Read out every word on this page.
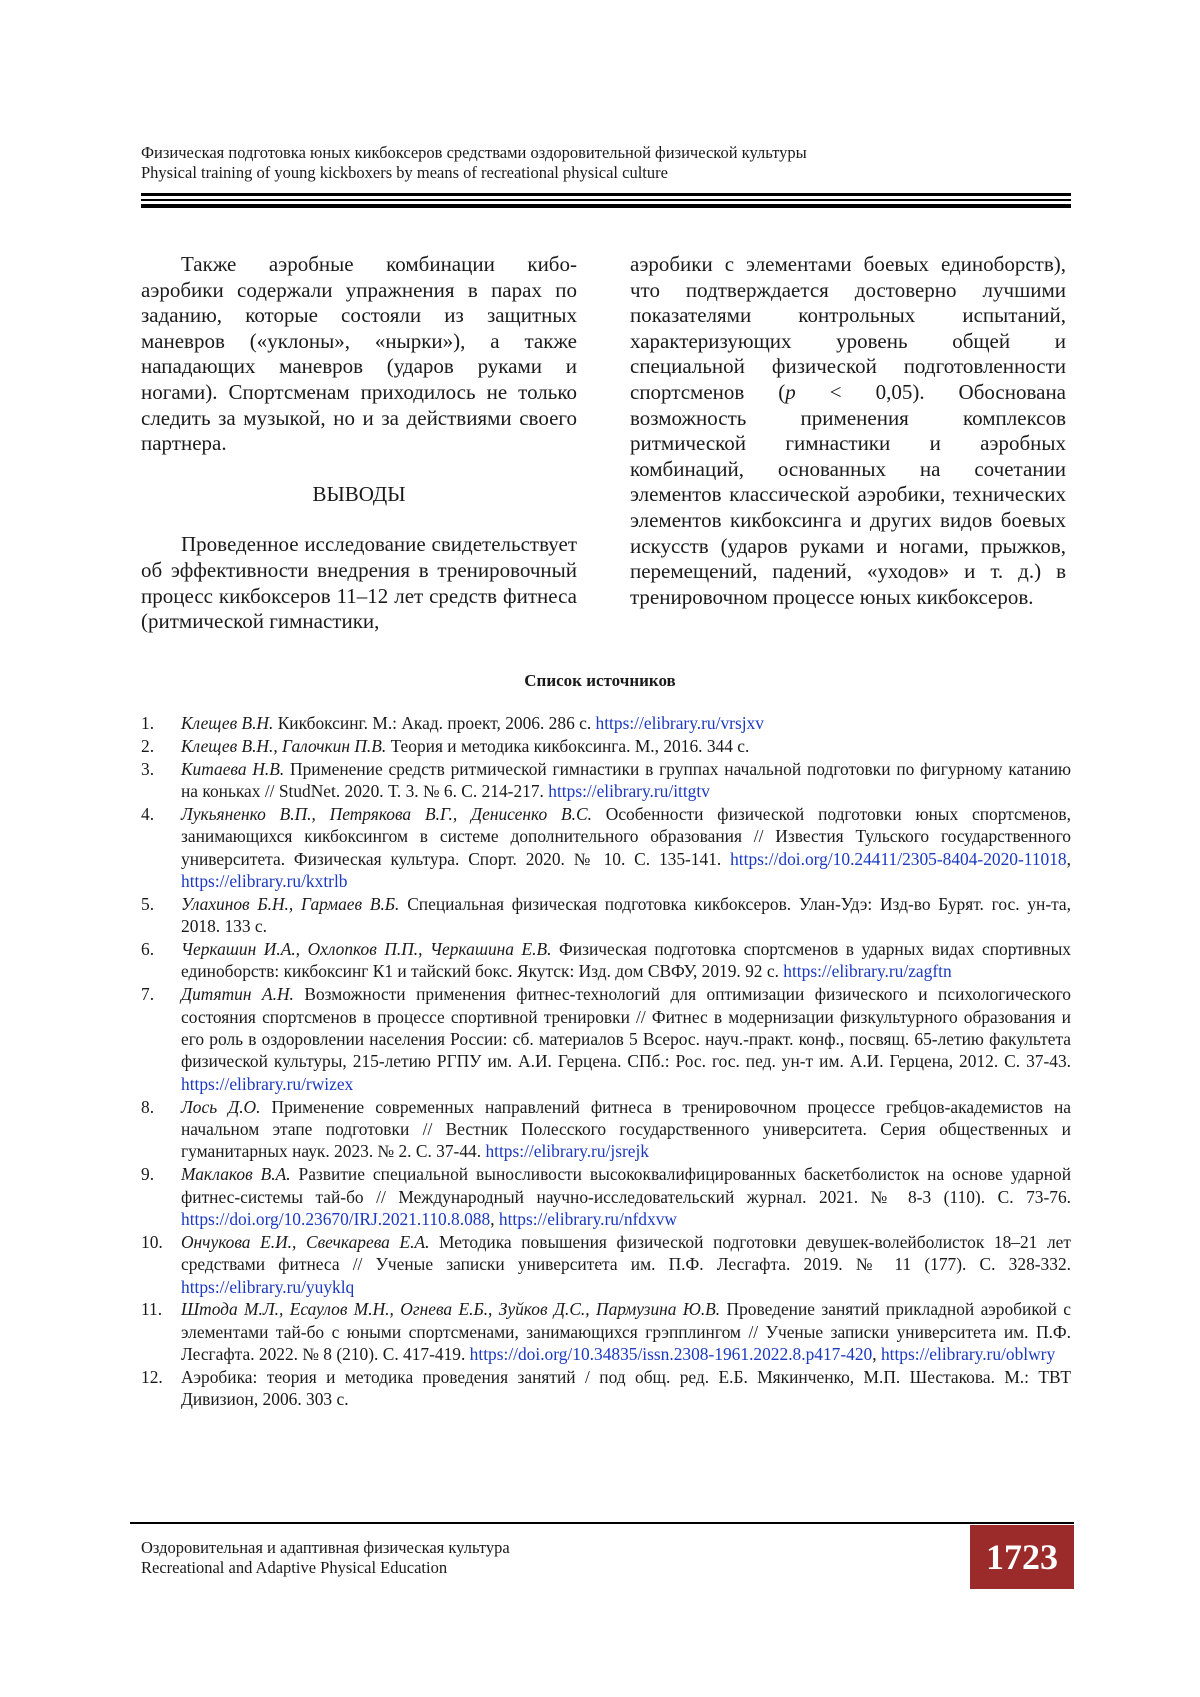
Физическая подготовка юных кикбоксеров средствами оздоровительной физической культуры
Physical training of young kickboxers by means of recreational physical culture

Также аэробные комбинации кибо-аэробики содержали упражнения в парах по заданию, которые состояли из защитных маневров («уклоны», «нырки»), а также нападающих маневров (ударов руками и ногами). Спортсменам приходилось не только следить за музыкой, но и за действиями своего партнера.

ВЫВОДЫ

Проведенное исследование свидетельствует об эффективности внедрения в тренировочный процесс кикбоксеров 11–12 лет средств фитнеса (ритмической гимнастики,

аэробики с элементами боевых единоборств), что подтверждается достоверно лучшими показателями контрольных испытаний, характеризующих уровень общей и специальной физической подготовленности спортсменов (p < 0,05). Обоснована возможность применения комплексов ритмической гимнастики и аэробных комбинаций, основанных на сочетании элементов классической аэробики, технических элементов кикбоксинга и других видов боевых искусств (ударов руками и ногами, прыжков, перемещений, падений, «уходов» и т. д.) в тренировочном процессе юных кикбоксеров.

Список источников
1. Клещев В.Н. Кикбоксинг. М.: Акад. проект, 2006. 286 с. https://elibrary.ru/vrsjxv
2. Клещев В.Н., Галочкин П.В. Теория и методика кикбоксинга. М., 2016. 344 с.
3. Китаева Н.В. Применение средств ритмической гимнастики в группах начальной подготовки по фигурному катанию на коньках // StudNet. 2020. Т. 3. № 6. С. 214-217. https://elibrary.ru/ittgtv
4. Лукьяненко В.П., Петрякова В.Г., Денисенко В.С. Особенности физической подготовки юных спортсменов, занимающихся кикбоксингом в системе дополнительного образования // Известия Тульского государственного университета. Физическая культура. Спорт. 2020. № 10. С. 135-141. https://doi.org/10.24411/2305-8404-2020-11018, https://elibrary.ru/kxtrlb
5. Улахинов Б.Н., Гармаев В.Б. Специальная физическая подготовка кикбоксеров. Улан-Удэ: Изд-во Бурят. гос. ун-та, 2018. 133 с.
6. Черкашин И.А., Охлопков П.П., Черкашина Е.В. Физическая подготовка спортсменов в ударных видах спортивных единоборств: кикбоксинг К1 и тайский бокс. Якутск: Изд. дом СВФУ, 2019. 92 с. https://elibrary.ru/zagftn
7. Дитятин А.Н. Возможности применения фитнес-технологий для оптимизации физического и психологического состояния спортсменов в процессе спортивной тренировки // Фитнес в модернизации физкультурного образования и его роль в оздоровлении населения России: сб. материалов 5 Всерос. науч.-практ. конф., посвящ. 65-летию факультета физической культуры, 215-летию РГПУ им. А.И. Герцена. СПб.: Рос. гос. пед. ун-т им. А.И. Герцена, 2012. С. 37-43. https://elibrary.ru/rwizex
8. Лось Д.О. Применение современных направлений фитнеса в тренировочном процессе гребцов-академистов на начальном этапе подготовки // Вестник Полесского государственного университета. Серия общественных и гуманитарных наук. 2023. № 2. С. 37-44. https://elibrary.ru/jsrejk
9. Маклаков В.А. Развитие специальной выносливости высококвалифицированных баскетболисток на основе ударной фитнес-системы тай-бо // Международный научно-исследовательский журнал. 2021. № 8-3 (110). С. 73-76. https://doi.org/10.23670/IRJ.2021.110.8.088, https://elibrary.ru/nfdxvw
10. Ончукова Е.И., Свечкарева Е.А. Методика повышения физической подготовки девушек-волейболисток 18–21 лет средствами фитнеса // Ученые записки университета им. П.Ф. Лесгафта. 2019. № 11 (177). С. 328-332. https://elibrary.ru/yuyklq
11. Штода М.Л., Есаулов М.Н., Огнева Е.Б., Зуйков Д.С., Пармузина Ю.В. Проведение занятий прикладной аэробикой с элементами тай-бо с юными спортсменами, занимающихся грэпплингом // Ученые записки университета им. П.Ф. Лесгафта. 2022. № 8 (210). С. 417-419. https://doi.org/10.34835/issn.2308-1961.2022.8.p417-420, https://elibrary.ru/oblwry
12. Аэробика: теория и методика проведения занятий / под общ. ред. Е.Б. Мякинченко, М.П. Шестакова. М.: ТВТ Дивизион, 2006. 303 с.
Оздоровительная и адаптивная физическая культура
Recreational and Adaptive Physical Education	1723
